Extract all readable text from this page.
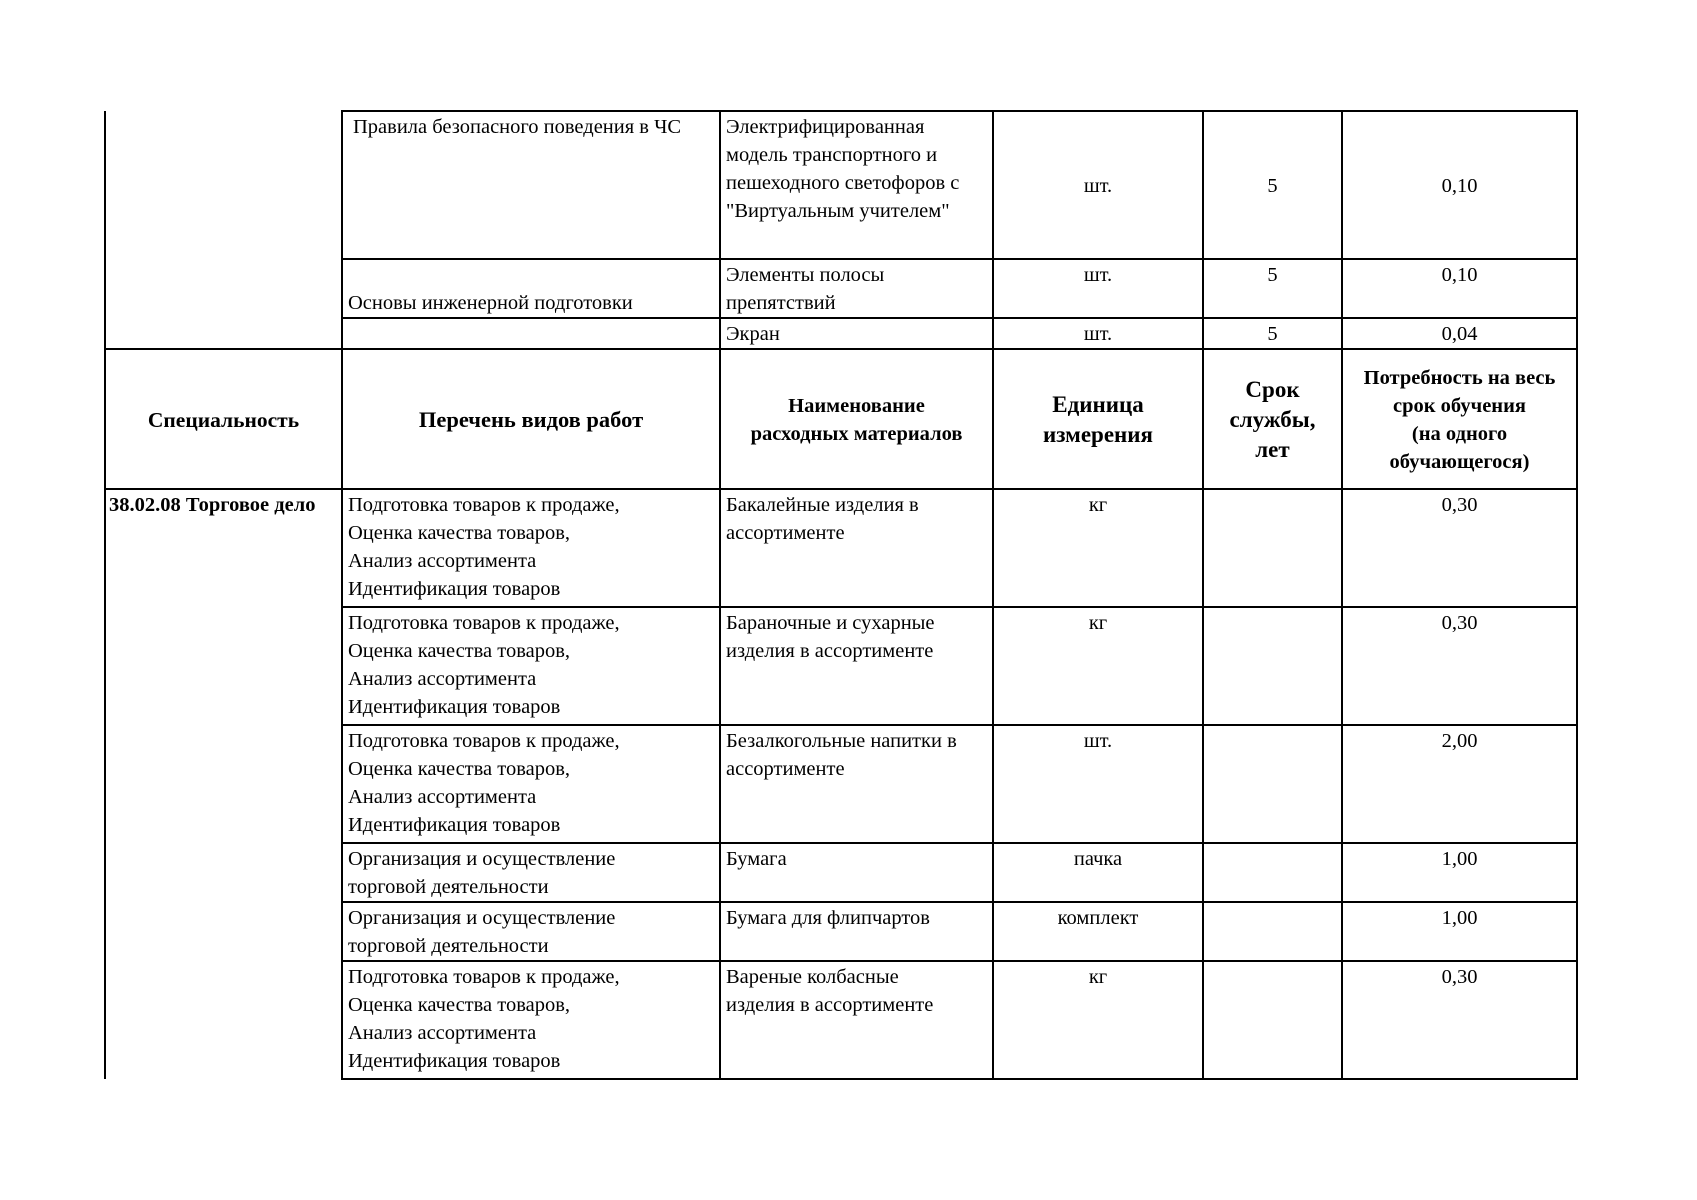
	Правила безопасного поведения в ЧС	Электрифицированная
модель транспортного и
пешеходного светофоров с
"Виртуальным учителем"	шт.	5	0,10
	Основы инженерной подготовки	Элементы полосы
препятствий	шт.	5	0,10
		Экран	шт.	5	0,04
Специальность	Перечень видов работ	Наименование
расходных материалов	Единица
измерения	Срок
службы,
лет	Потребность на весь
срок обучения
(на одного
обучающегося)
38.02.08 Торговое дело	Подготовка товаров к продаже,
Оценка качества товаров,
Анализ ассортимента
Идентификация товаров	Бакалейные изделия в
ассортименте	кг		0,30
	Подготовка товаров к продаже,
Оценка качества товаров,
Анализ ассортимента
Идентификация товаров	Бараночные и сухарные
изделия в ассортименте	кг		0,30
	Подготовка товаров к продаже,
Оценка качества товаров,
Анализ ассортимента
Идентификация товаров	Безалкогольные напитки в
ассортименте	шт.		2,00
	Организация и осуществление
торговой деятельности	Бумага	пачка		1,00
	Организация и осуществление
торговой деятельности	Бумага для флипчартов	комплект		1,00
	Подготовка товаров к продаже,
Оценка качества товаров,
Анализ ассортимента
Идентификация товаров	Вареные колбасные
изделия в ассортименте	кг		0,30
